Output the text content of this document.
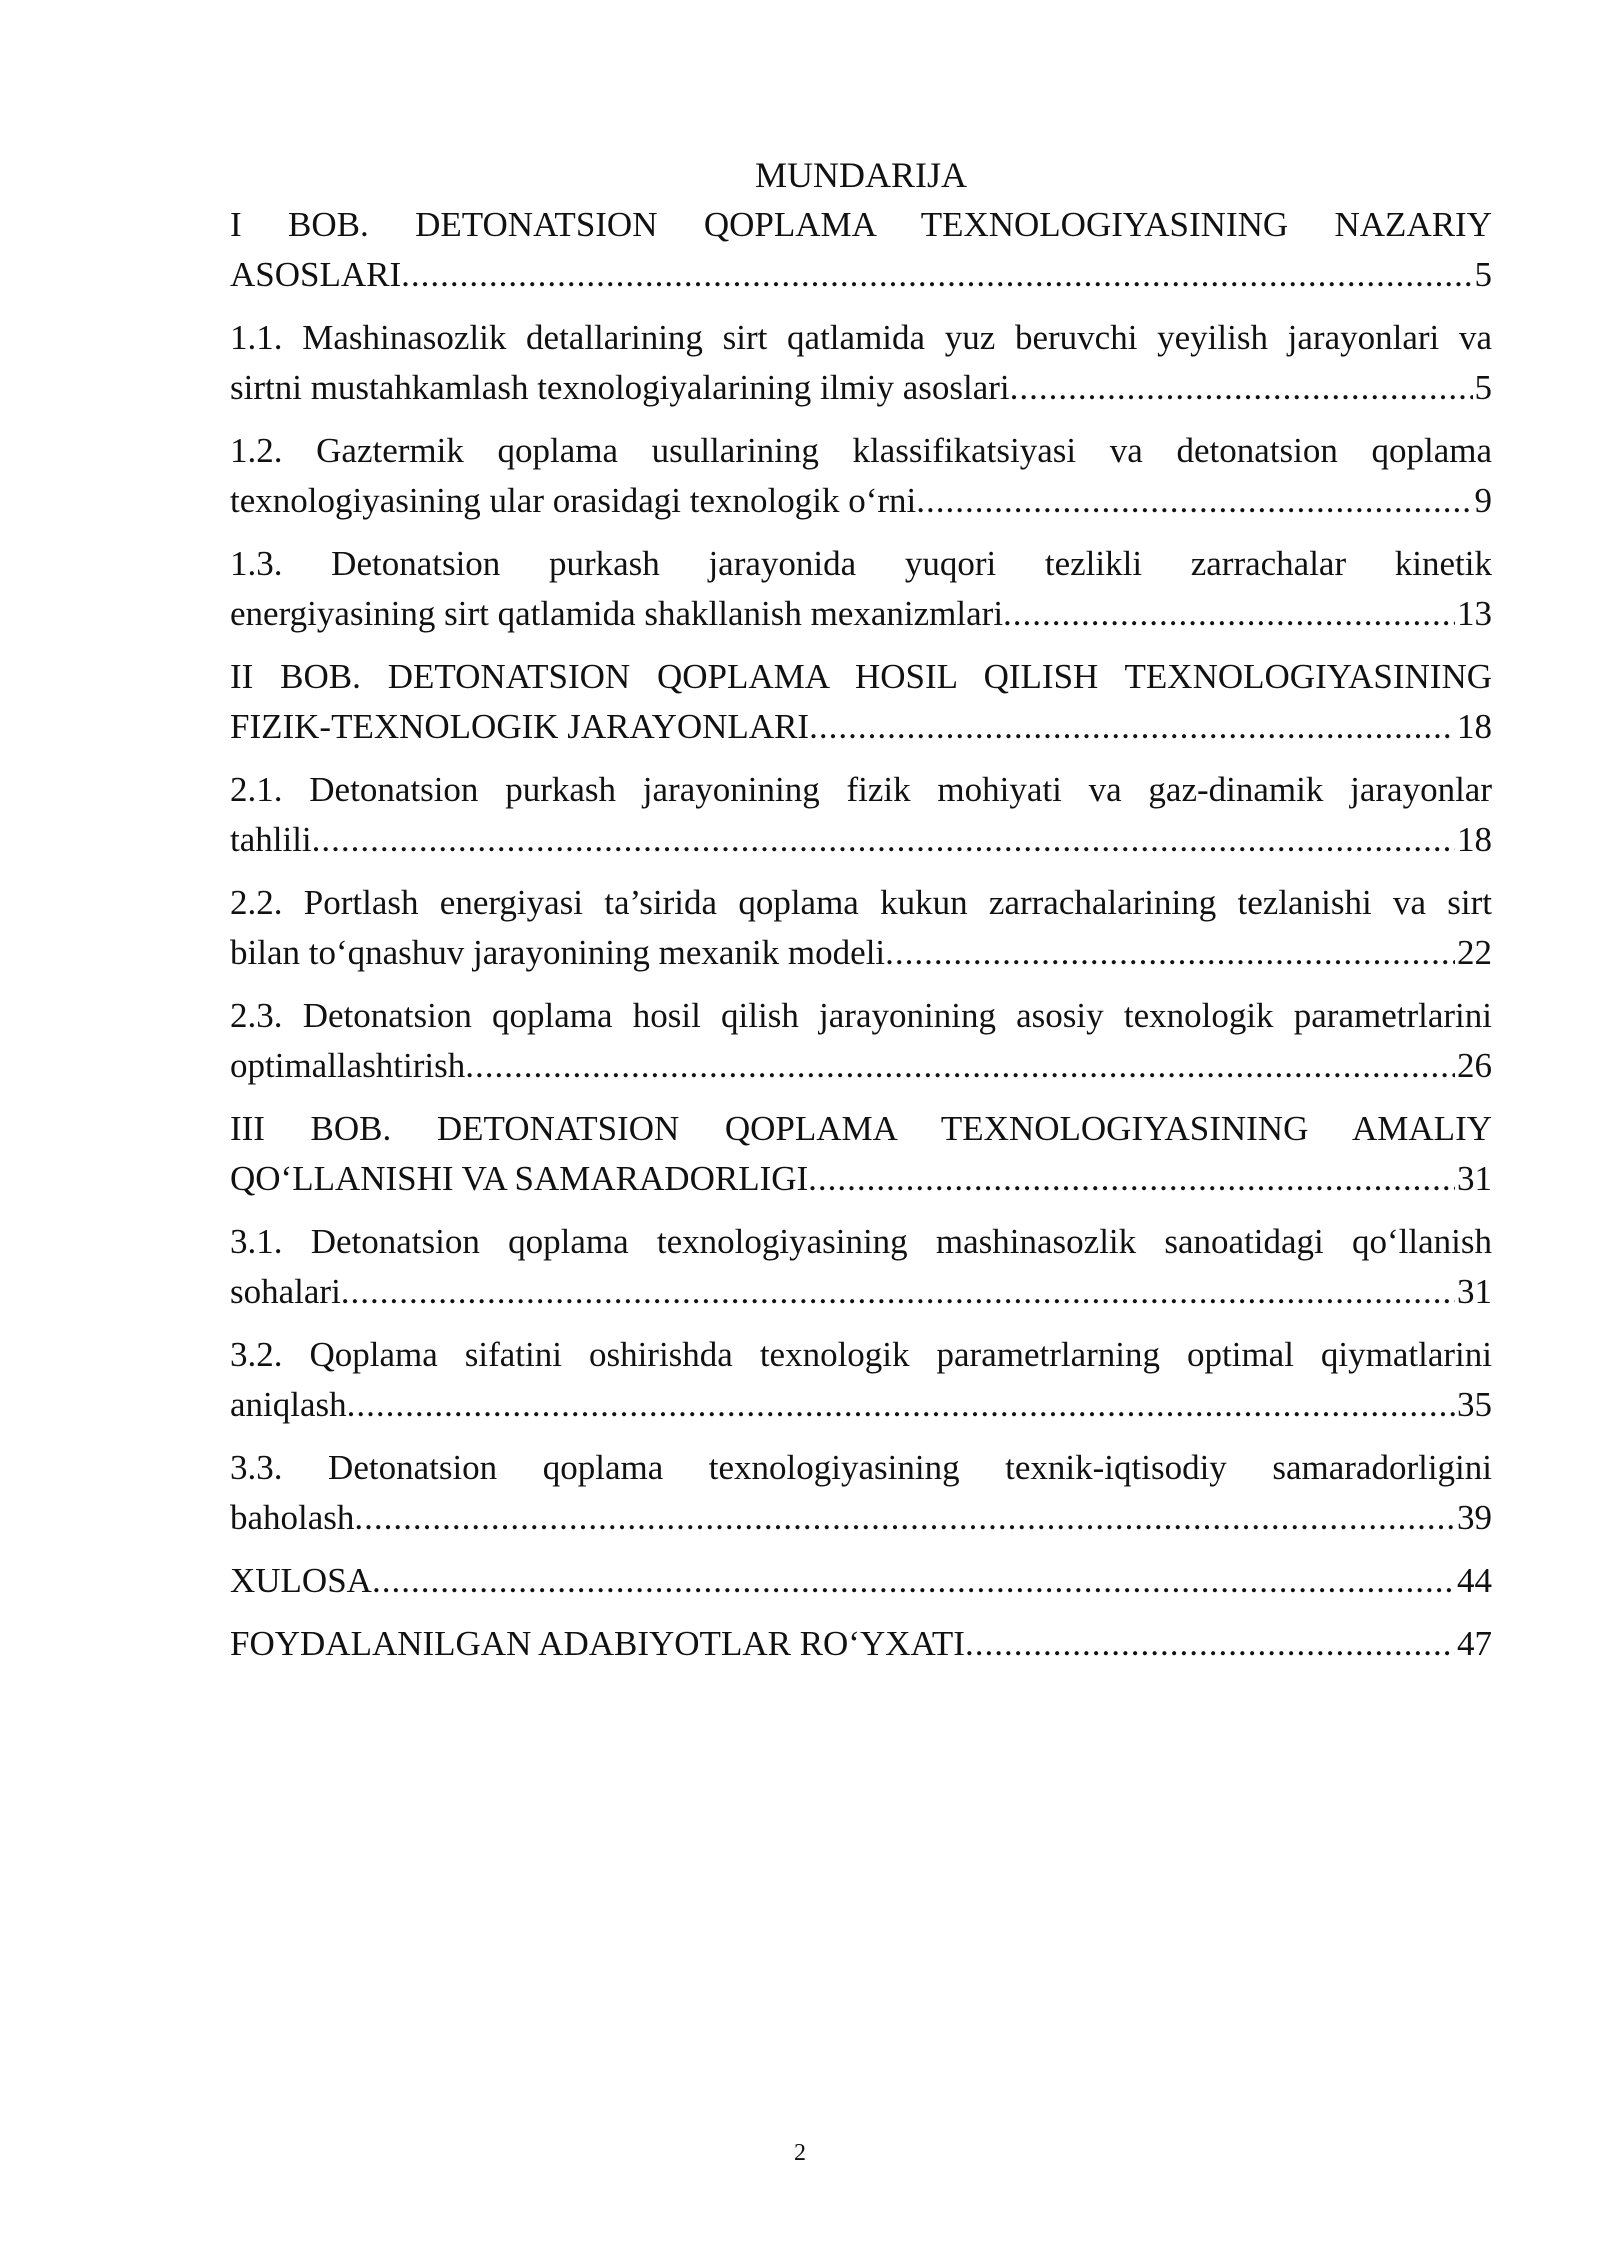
MUNDARIJA
I BOB. DETONATSION QOPLAMA TEXNOLOGIYASINING NAZARIY
ASOSLARI .....	5
1.1. Mashinasozlik detallarining sirt qatlamida yuz beruvchi yeyilish jarayonlari va
sirtni mustahkamlash texnologiyalarining ilmiy asoslari .....	5
1.2. Gaztermik qoplama usullarining klassifikatsiyasi va detonatsion qoplama
texnologiyasining ular orasidagi texnologik o‘rni .....	9
1.3. Detonatsion purkash jarayonida yuqori tezlikli zarrachalar kinetik
energiyasining sirt qatlamida shakllanish mexanizmlari .....	13
II BOB. DETONATSION QOPLAMA HOSIL QILISH TEXNOLOGIYASINING
FIZIK-TEXNOLOGIK JARAYONLARI .....	18
2.1. Detonatsion purkash jarayonining fizik mohiyati va gaz-dinamik jarayonlar
tahlili .....	18
2.2. Portlash energiyasi ta’sirida qoplama kukun zarrachalarining tezlanishi va sirt
bilan to‘qnashuv jarayonining mexanik modeli .....	22
2.3. Detonatsion qoplama hosil qilish jarayonining asosiy texnologik parametrlarini
optimallashtirish .....	26
III BOB. DETONATSION QOPLAMA TEXNOLOGIYASINING AMALIY
QO‘LLANISHI VA SAMARADORLIGI .....	31
3.1. Detonatsion qoplama texnologiyasining mashinasozlik sanoatidagi qo‘llanish
sohalari .....	31
3.2. Qoplama sifatini oshirishda texnologik parametrlarning optimal qiymatlarini
aniqlash .....	35
3.3. Detonatsion qoplama texnologiyasining texnik-iqtisodiy samaradorligini
baholash .....	39
XULOSA .....	44
FOYDALANILGAN ADABIYOTLAR RO‘YXATI .....	47
2
